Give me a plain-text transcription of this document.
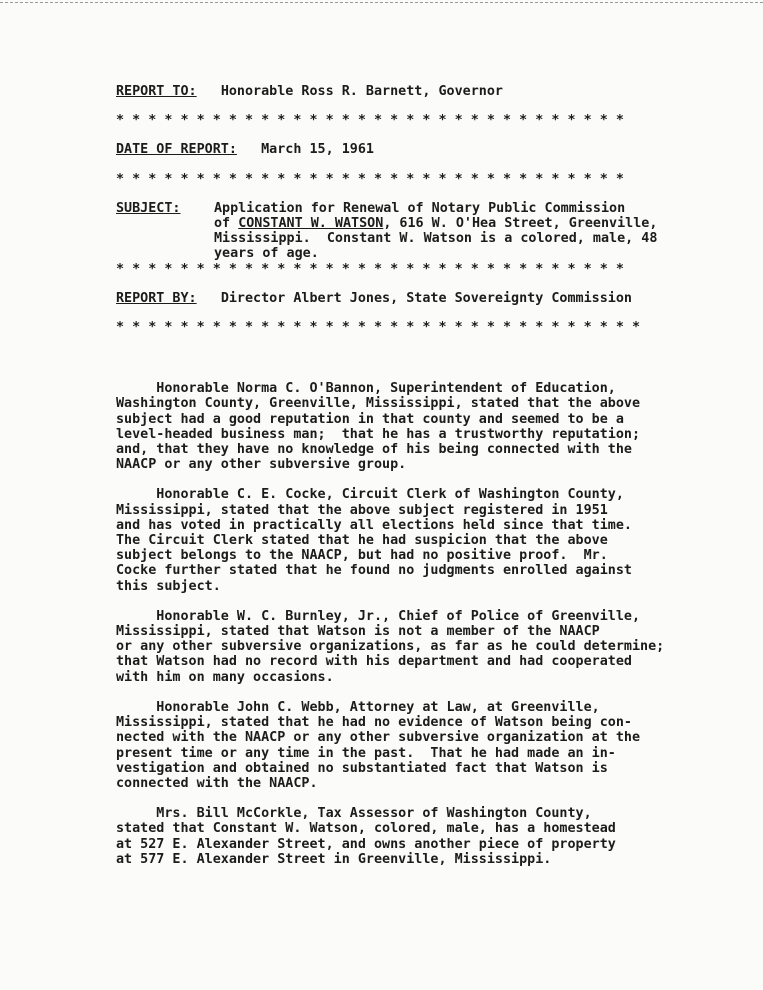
REPORT TO: Honorable Ross R. Barnett, Governor
* * * * * * * * * * * * * * * * * * * * * * * * * * * * * * * *
DATE OF REPORT: March 15, 1961
* * * * * * * * * * * * * * * * * * * * * * * * * * * * * * * *
SUBJECT:	Application for Renewal of Notary Public Commission
of CONSTANT W. WATSON, 616 W. O'Hea Street, Greenville,
Mississippi.  Constant W. Watson is a colored, male, 48
years of age.
* * * * * * * * * * * * * * * * * * * * * * * * * * * * * * * *
REPORT BY: Director Albert Jones, State Sovereignty Commission
* * * * * * * * * * * * * * * * * * * * * * * * * * * * * * * * *
Honorable Norma C. O'Bannon, Superintendent of Education,
Washington County, Greenville, Mississippi, stated that the above
subject had a good reputation in that county and seemed to be a
level-headed business man;  that he has a trustworthy reputation;
and, that they have no knowledge of his being connected with the
NAACP or any other subversive group.
Honorable C. E. Cocke, Circuit Clerk of Washington County,
Mississippi, stated that the above subject registered in 1951
and has voted in practically all elections held since that time.
The Circuit Clerk stated that he had suspicion that the above
subject belongs to the NAACP, but had no positive proof.  Mr.
Cocke further stated that he found no judgments enrolled against
this subject.
Honorable W. C. Burnley, Jr., Chief of Police of Greenville,
Mississippi, stated that Watson is not a member of the NAACP
or any other subversive organizations, as far as he could determine;
that Watson had no record with his department and had cooperated
with him on many occasions.
Honorable John C. Webb, Attorney at Law, at Greenville,
Mississippi, stated that he had no evidence of Watson being con-
nected with the NAACP or any other subversive organization at the
present time or any time in the past.  That he had made an in-
vestigation and obtained no substantiated fact that Watson is
connected with the NAACP.
Mrs. Bill McCorkle, Tax Assessor of Washington County,
stated that Constant W. Watson, colored, male, has a homestead
at 527 E. Alexander Street, and owns another piece of property
at 577 E. Alexander Street in Greenville, Mississippi.
